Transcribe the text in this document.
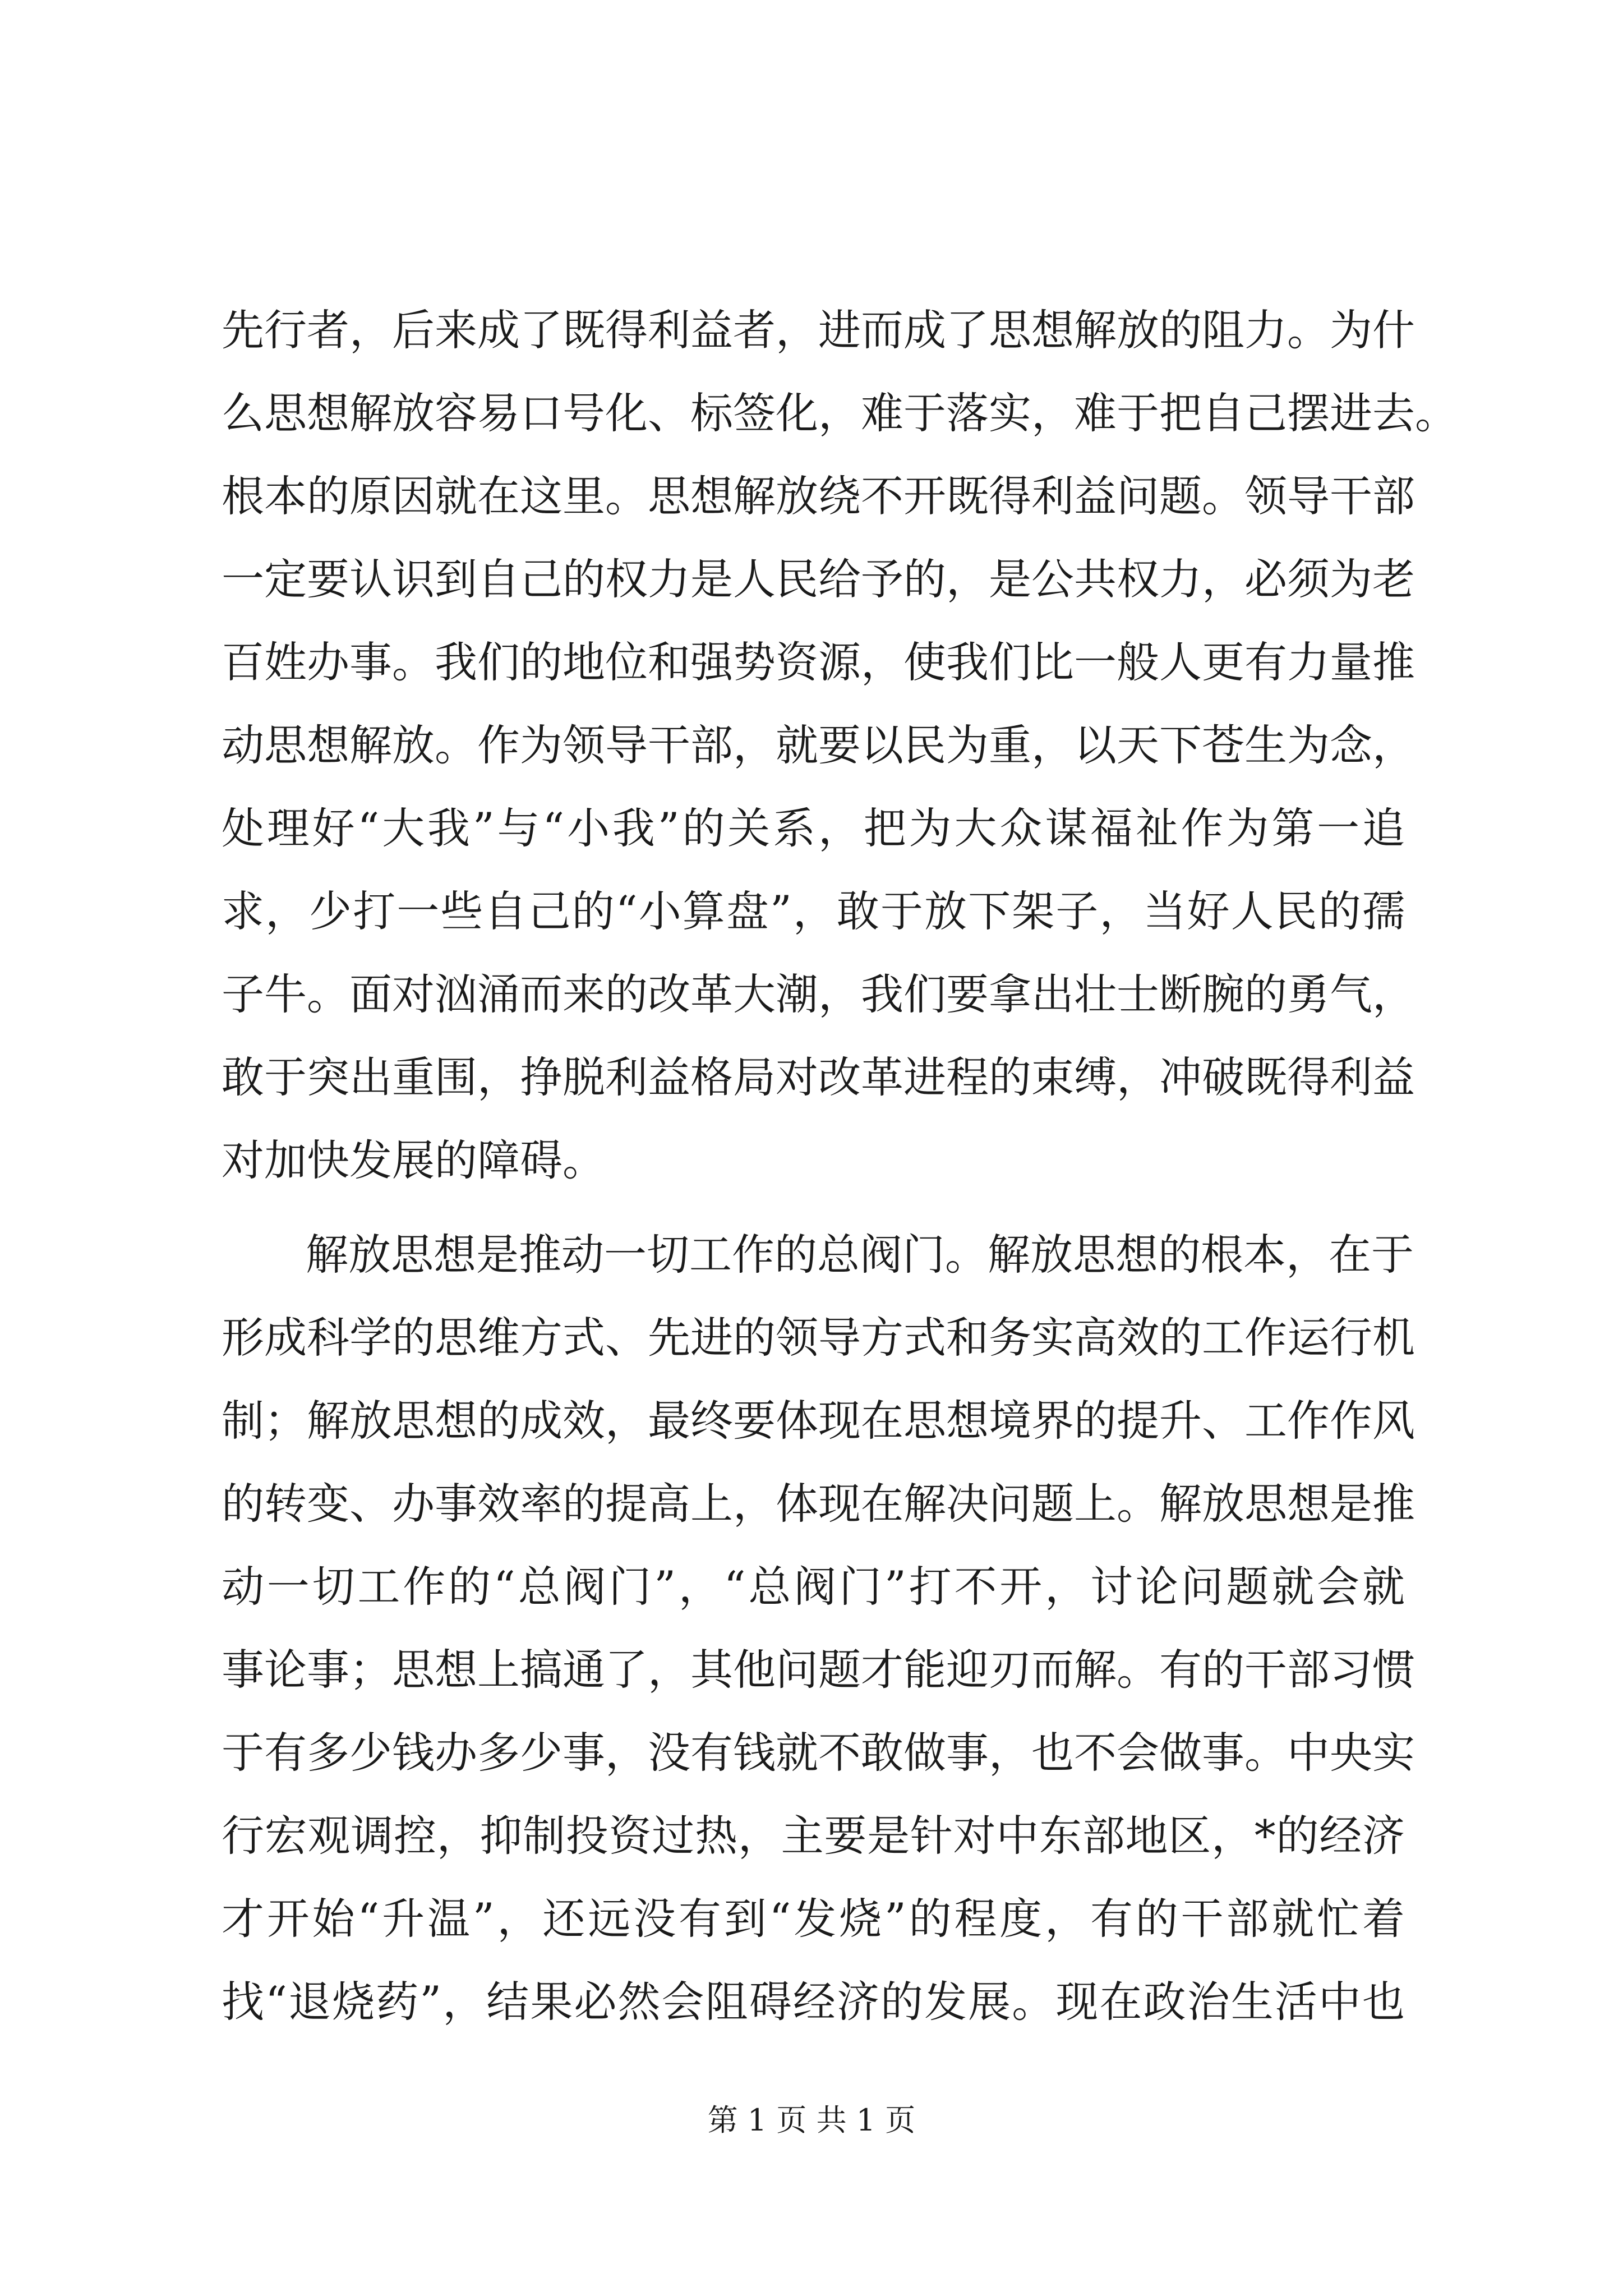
先行者，后来成了既得利益者，进而成了思想解放的阻力。为什
么思想解放容易口号化、标签化，难于落实，难于把自己摆进去。
根本的原因就在这里。思想解放绕不开既得利益问题。领导干部
一定要认识到自己的权力是人民给予的，是公共权力，必须为老
百姓办事。我们的地位和强势资源，使我们比一般人更有力量推
动思想解放。作为领导干部，就要以民为重，以天下苍生为念，
处理好“大我”与“小我”的关系，把为大众谋福祉作为第一追
求，少打一些自己的“小算盘”，敢于放下架子，当好人民的孺
子牛。面对汹涌而来的改革大潮，我们要拿出壮士断腕的勇气，
敢于突出重围，挣脱利益格局对改革进程的束缚，冲破既得利益
对加快发展的障碍。
解放思想是推动一切工作的总阀门。解放思想的根本，在于
形成科学的思维方式、先进的领导方式和务实高效的工作运行机
制；解放思想的成效，最终要体现在思想境界的提升、工作作风
的转变、办事效率的提高上，体现在解决问题上。解放思想是推
动一切工作的“总阀门”，“总阀门”打不开，讨论问题就会就
事论事；思想上搞通了，其他问题才能迎刃而解。有的干部习惯
于有多少钱办多少事，没有钱就不敢做事，也不会做事。中央实
行宏观调控，抑制投资过热，主要是针对中东部地区，*的经济
才开始“升温”，还远没有到“发烧”的程度，有的干部就忙着
找“退烧药”，结果必然会阻碍经济的发展。现在政治生活中也
第 1 页 共 1 页
